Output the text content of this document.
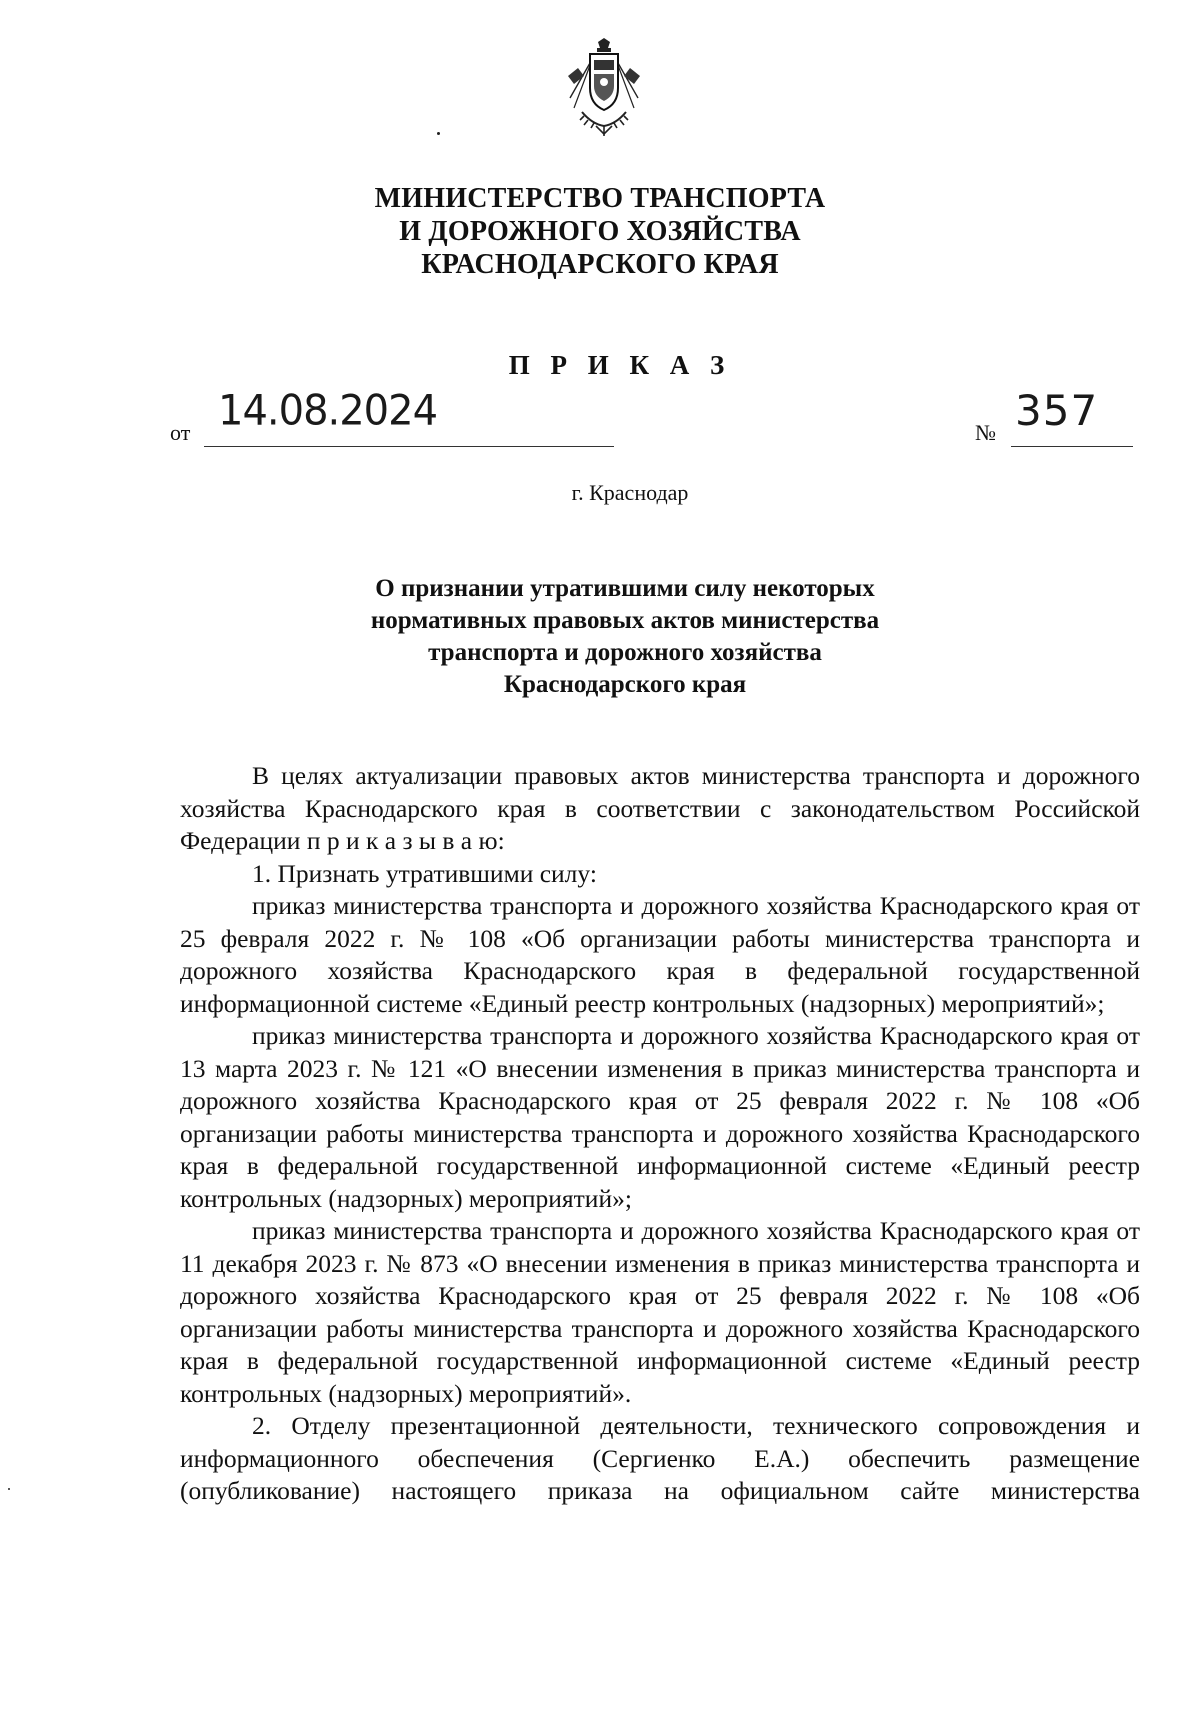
МИНИСТЕРСТВО ТРАНСПОРТА
И ДОРОЖНОГО ХОЗЯЙСТВА
КРАСНОДАРСКОГО КРАЯ
П Р И К А З
от 14.08.2024	№ 357
г. Краснодар
О признании утратившими силу некоторых
нормативных правовых актов министерства
транспорта и дорожного хозяйства
Краснодарского края

В целях актуализации правовых актов министерства транспорта и дорожного хозяйства Краснодарского края в соответствии с законодательством Российской Федерации п р и к а з ы в а ю:

1. Признать утратившими силу:

приказ министерства транспорта и дорожного хозяйства Краснодарского края от 25 февраля 2022 г. № 108 «Об организации работы министерства транспорта и дорожного хозяйства Краснодарского края в федеральной государственной информационной системе «Единый реестр контрольных (надзорных) мероприятий»;

приказ министерства транспорта и дорожного хозяйства Краснодарского края от 13 марта 2023 г. № 121 «О внесении изменения в приказ министерства транспорта и дорожного хозяйства Краснодарского края от 25 февраля 2022 г. № 108 «Об организации работы министерства транспорта и дорожного хозяйства Краснодарского края в федеральной государственной информационной системе «Единый реестр контрольных (надзорных) мероприятий»;

приказ министерства транспорта и дорожного хозяйства Краснодарского края от 11 декабря 2023 г. № 873 «О внесении изменения в приказ министерства транспорта и дорожного хозяйства Краснодарского края от 25 февраля 2022 г. № 108 «Об организации работы министерства транспорта и дорожного хозяйства Краснодарского края в федеральной государственной информационной системе «Единый реестр контрольных (надзорных) мероприятий».

2. Отделу презентационной деятельности, технического сопровождения и информационного обеспечения (Сергиенко Е.А.) обеспечить размещение (опубликование) настоящего приказа на официальном сайте министерства
